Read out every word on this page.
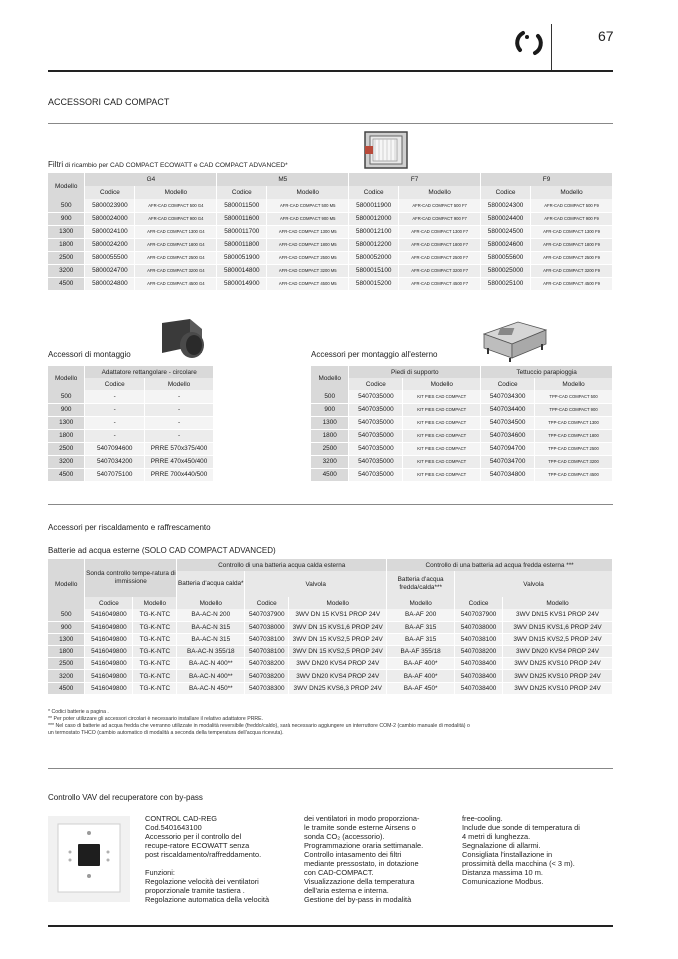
67
ACCESSORI CAD COMPACT
Filtri di ricambio per CAD COMPACT ECOWATT e CAD COMPACT ADVANCED*
Modello	G4		M5		F7		F9	
	Codice	Modello	Codice	Modello	Codice	Modello	Codice	Modello
500	5800023900	AFR-CAD COMPACT 500 G4	5800011500	AFR-CAD COMPACT 500 M5	5800011900	AFR-CAD COMPACT 500 F7	5800024300	AFR-CAD COMPACT 500 F9
900	5800024000	AFR-CAD COMPACT 900 G4	5800011600	AFR-CAD COMPACT 900 M5	5800012000	AFR-CAD COMPACT 900 F7	5800024400	AFR-CAD COMPACT 900 F9
1300	5800024100	AFR-CAD COMPACT 1300 G4	5800011700	AFR-CAD COMPACT 1300 M5	5800012100	AFR-CAD COMPACT 1300 F7	5800024500	AFR-CAD COMPACT 1300 F9
1800	5800024200	AFR-CAD COMPACT 1800 G4	5800011800	AFR-CAD COMPACT 1800 M5	5800012200	AFR-CAD COMPACT 1800 F7	5800024600	AFR-CAD COMPACT 1800 F9
2500	5800055500	AFR-CAD COMPACT 2500 G4	5800051900	AFR-CAD COMPACT 2500 M5	5800052000	AFR-CAD COMPACT 2500 F7	5800055600	AFR-CAD COMPACT 2500 F9
3200	5800024700	AFR-CAD COMPACT 3200 G4	5800014800	AFR-CAD COMPACT 3200 M5	5800015100	AFR-CAD COMPACT 3200 F7	5800025000	AFR-CAD COMPACT 3200 F9
4500	5800024800	AFR-CAD COMPACT 4500 G4	5800014900	AFR-CAD COMPACT 4500 M5	5800015200	AFR-CAD COMPACT 4500 F7	5800025100	AFR-CAD COMPACT 4500 F9
Accessori di montaggio
Modello	Adattatore rettangolare - circolare	
	Codice	Modello
500	-	-
900	-	-
1300	-	-
1800	-	-
2500	5407094600	PRRE 570x375/400
3200	5407034200	PRRE 470x450/400
4500	5407075100	PRRE 700x440/500
Accessori per montaggio all'esterno
Modello	Piedi di supporto		Tettuccio parapioggia	
	Codice	Modello	Codice	Modello
500	5407035000	KIT PIES CAD COMPACT	5407034300	TPP-CAD COMPACT 500
900	5407035000	KIT PIES CAD COMPACT	5407034400	TPP-CAD COMPACT 900
1300	5407035000	KIT PIES CAD COMPACT	5407034500	TPP-CAD COMPACT 1300
1800	5407035000	KIT PIES CAD COMPACT	5407034600	TPP-CAD COMPACT 1800
2500	5407035000	KIT PIES CAD COMPACT	5407094700	TPP-CAD COMPACT 2500
3200	5407035000	KIT PIES CAD COMPACT	5407034700	TPP-CAD COMPACT 3200
4500	5407035000	KIT PIES CAD COMPACT	5407034800	TPP-CAD COMPACT 4500
Accessori per riscaldamento e raffrescamento
Batterie ad acqua esterne (SOLO CAD COMPACT ADVANCED)
Modello	Sonda controllo tempe-ratura di immissione		Controllo di una batteria acqua calda esterna			Controllo di una batteria ad acqua fredda esterna ***		
			Batteria d'acqua calda*	Valvola		Batteria d'acqua fredda/calda***	Valvola	
	Codice	Modello	Modello	Codice	Modello	Modello	Codice	Modello
500	5416049800	TG-K-NTC	BA-AC-N 200	5407037900	3WV DN 15 KVS1 PROP 24V	BA-AF 200	5407037900	3WV DN15 KVS1 PROP 24V
900	5416049800	TG-K-NTC	BA-AC-N 315	5407038000	3WV DN 15 KVS1,6 PROP 24V	BA-AF 315	5407038000	3WV DN15 KVS1,6 PROP 24V
1300	5416049800	TG-K-NTC	BA-AC-N 315	5407038100	3WV DN 15 KVS2,5 PROP 24V	BA-AF 315	5407038100	3WV DN15 KVS2,5 PROP 24V
1800	5416049800	TG-K-NTC	BA-AC-N 355/18	5407038100	3WV DN 15 KVS2,5 PROP 24V	BA-AF 355/18	5407038200	3WV DN20 KVS4 PROP 24V
2500	5416049800	TG-K-NTC	BA-AC-N 400**	5407038200	3WV DN20 KVS4 PROP 24V	BA-AF 400*	5407038400	3WV DN25 KVS10 PROP 24V
3200	5416049800	TG-K-NTC	BA-AC-N 400**	5407038200	3WV DN20 KVS4 PROP 24V	BA-AF 400*	5407038400	3WV DN25 KVS10 PROP 24V
4500	5416049800	TG-K-NTC	BA-AC-N 450**	5407038300	3WV DN25 KVS6,3 PROP 24V	BA-AF 450*	5407038400	3WV DN25 KVS10 PROP 24V
* Codici batterie a pagina .
** Per poter utilizzare gli accessori circolari è necessario installare il relativo adattatore PRRE.
*** Nel caso di batterie ad acqua fredda che verranno utilizzate in modalità reversibile (freddo/caldo), sarà necessario aggiungere un interruttore COM-2 (cambio manuale di modalità) o
un termostato THCO (cambio automatico di modalità a seconda della temperatura dell'acqua ricevuta).
Controllo VAV del recuperatore con by-pass
CONTROL CAD-REG
Cod.5401643100
Accessorio per il controllo del
recupe-ratore ECOWATT senza
post riscaldamento/raffreddamento.

Funzioni:
Regolazione velocità dei ventilatori
proporzionale tramite tastiera .
Regolazione automatica della velocità
dei ventilatori in modo proporziona-
le tramite sonde esterne Airsens o
sonda CO₂ (accessorio).
Programmazione oraria settimanale.
Controllo intasamento dei filtri
mediante pressostato, in dotazione
con CAD-COMPACT.
Visualizzazione della temperatura
dell'aria esterna e interna.
Gestione del by-pass in modalità
free-cooling.
Include due sonde di temperatura di
4 metri di lunghezza.
Segnalazione di allarmi.
Consigliata l'installazione in
prossimità della macchina (< 3 m).
Distanza massima 10 m.
Comunicazione Modbus.
